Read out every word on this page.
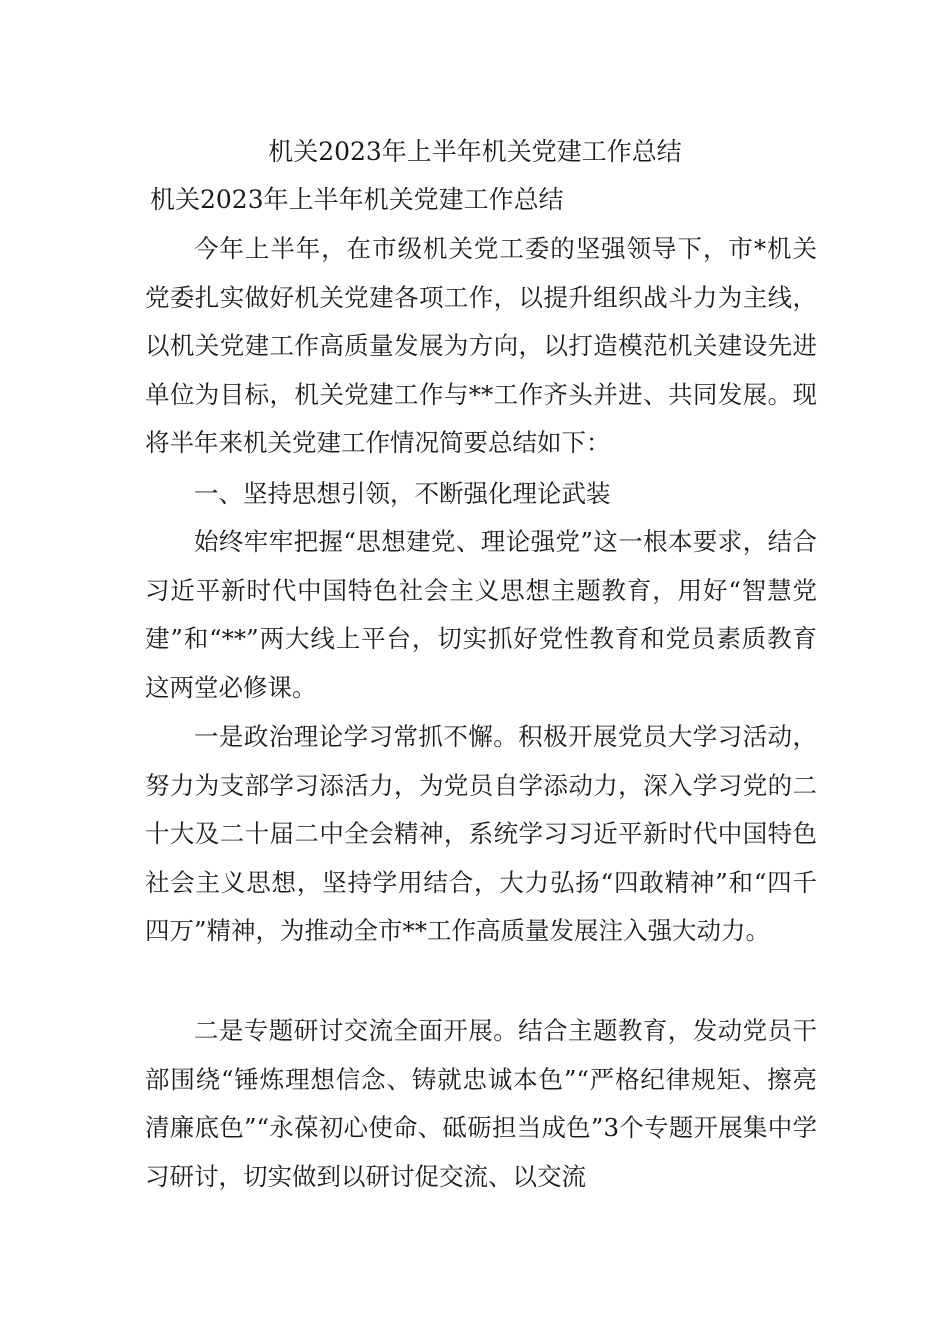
机关2023年上半年机关党建工作总结
机关2023年上半年机关党建工作总结

今年上半年，在市级机关党工委的坚强领导下，市*机关党委扎实做好机关党建各项工作，以提升组织战斗力为主线，以机关党建工作高质量发展为方向，以打造模范机关建设先进单位为目标，机关党建工作与**工作齐头并进、共同发展。现将半年来机关党建工作情况简要总结如下：

一、坚持思想引领，不断强化理论武装

始终牢牢把握“思想建党、理论强党”这一根本要求，结合习近平新时代中国特色社会主义思想主题教育，用好“智慧党建”和“**”两大线上平台，切实抓好党性教育和党员素质教育这两堂必修课。

一是政治理论学习常抓不懈。积极开展党员大学习活动，努力为支部学习添活力，为党员自学添动力，深入学习党的二十大及二十届二中全会精神，系统学习习近平新时代中国特色社会主义思想，坚持学用结合，大力弘扬“四敢精神”和“四千四万”精神，为推动全市**工作高质量发展注入强大动力。

二是专题研讨交流全面开展。结合主题教育，发动党员干部围绕“锤炼理想信念、铸就忠诚本色”“严格纪律规矩、擦亮清廉底色”“永葆初心使命、砥砺担当成色”3个专题开展集中学习研讨，切实做到以研讨促交流、以交流
